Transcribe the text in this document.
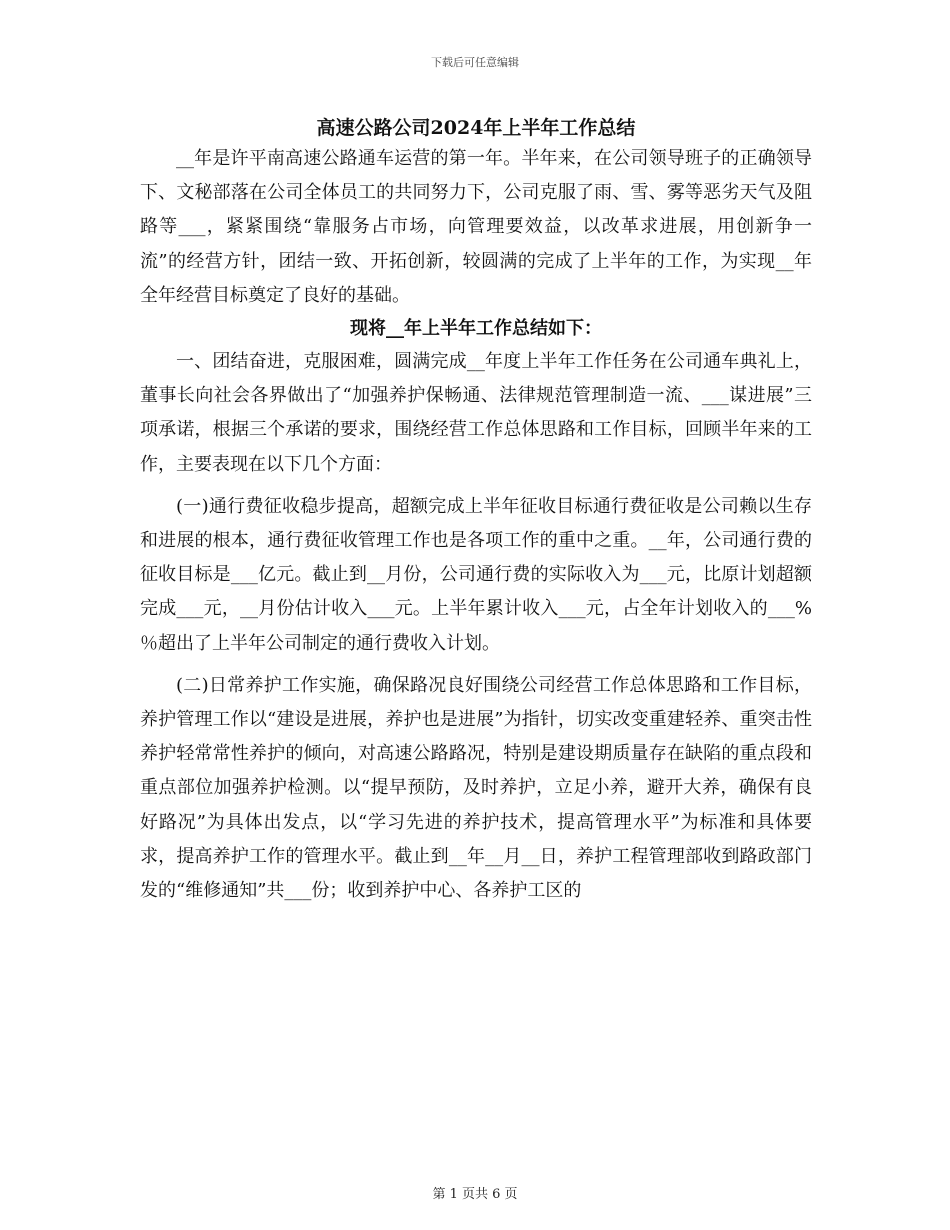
下载后可任意编辑

高速公路公司2024年上半年工作总结

__年是许平南高速公路通车运营的第一年。半年来，在公司领导班子的正确领导下、文秘部落在公司全体员工的共同努力下，公司克服了雨、雪、雾等恶劣天气及阻路等___，紧紧围绕“靠服务占市场，向管理要效益，以改革求进展，用创新争一流”的经营方针，团结一致、开拓创新，较圆满的完成了上半年的工作，为实现__年全年经营目标奠定了良好的基础。

现将__年上半年工作总结如下：

一、团结奋进，克服困难，圆满完成__年度上半年工作任务在公司通车典礼上，董事长向社会各界做出了“加强养护保畅通、法律规范管理制造一流、___谋进展”三项承诺，根据三个承诺的要求，围绕经营工作总体思路和工作目标，回顾半年来的工作，主要表现在以下几个方面：

(一)通行费征收稳步提高，超额完成上半年征收目标通行费征收是公司赖以生存和进展的根本，通行费征收管理工作也是各项工作的重中之重。__年，公司通行费的征收目标是___亿元。截止到__月份，公司通行费的实际收入为___元，比原计划超额完成___元，__月份估计收入___元。上半年累计收入___元，占全年计划收入的___%％超出了上半年公司制定的通行费收入计划。

(二)日常养护工作实施，确保路况良好围绕公司经营工作总体思路和工作目标，养护管理工作以“建设是进展，养护也是进展”为指针，切实改变重建轻养、重突击性养护轻常常性养护的倾向，对高速公路路况，特别是建设期质量存在缺陷的重点段和重点部位加强养护检测。以“提早预防，及时养护，立足小养，避开大养，确保有良好路况”为具体出发点，以“学习先进的养护技术，提高管理水平”为标准和具体要求，提高养护工作的管理水平。截止到__年__月__日，养护工程管理部收到路政部门发的“维修通知”共___份；收到养护中心、各养护工区的

第 1 页共 6 页
